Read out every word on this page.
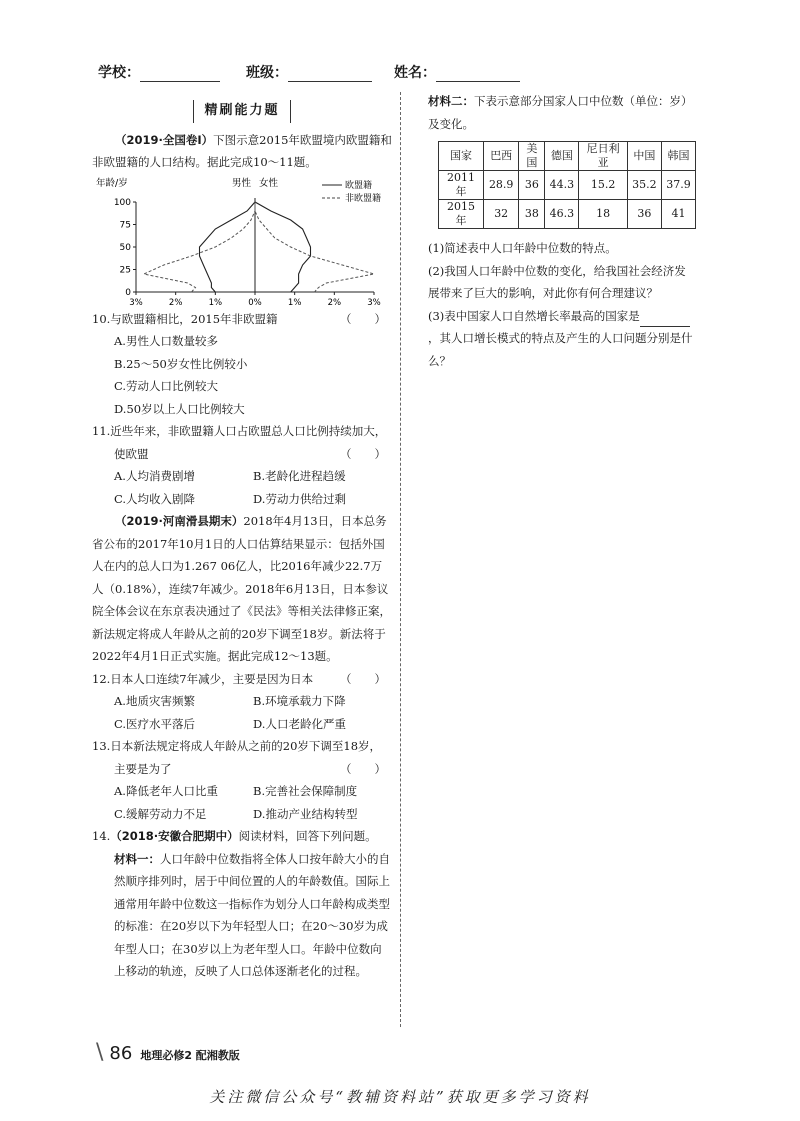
学校：	班级：	姓名：
精刷能力题

（2019·全国卷Ⅰ）下图示意2015年欧盟境内欧盟籍和非欧盟籍的人口结构。据此完成10～11题。

100
75
50
25
0
3%	2%	1%	0%	1%	2%	3%
年龄/岁	男性 女性	欧盟籍
非欧盟籍

10.与欧盟籍相比，2015年非欧盟籍	（　　）

A.男性人口数量较多

B.25～50岁女性比例较小

C.劳动人口比例较大

D.50岁以上人口比例较大

11.近些年来，非欧盟籍人口占欧盟总人口比例持续加大，使欧盟	（　　）
A.人均消费剧增	B.老龄化进程趋缓
C.人均收入剧降	D.劳动力供给过剩

（2019·河南滑县期末）2018年4月13日，日本总务省公布的2017年10月1日的人口估算结果显示：包括外国人在内的总人口为1.267 06亿人，比2016年减少22.7万人（0.18%），连续7年减少。2018年6月13日，日本参议院全体会议在东京表决通过了《民法》等相关法律修正案，新法规定将成人年龄从之前的20岁下调至18岁。新法将于2022年4月1日正式实施。据此完成12～13题。

12.日本人口连续7年减少，主要是因为日本	（　　）
A.地质灾害频繁	B.环境承载力下降
C.医疗水平落后	D.人口老龄化严重

13.日本新法规定将成人年龄从之前的20岁下调至18岁，主要是为了	（　　）
A.降低老年人口比重	B.完善社会保障制度
C.缓解劳动力不足	D.推动产业结构转型

14.（2018·安徽合肥期中）阅读材料，回答下列问题。

材料一：人口年龄中位数指将全体人口按年龄大小的自然顺序排列时，居于中间位置的人的年龄数值。国际上通常用年龄中位数这一指标作为划分人口年龄构成类型的标准：在20岁以下为年轻型人口；在20～30岁为成年型人口；在30岁以上为老年型人口。年龄中位数向上移动的轨迹，反映了人口总体逐渐老化的过程。

材料二：下表示意部分国家人口中位数（单位：岁）及变化。

国家	巴西	美国	德国	尼日利亚	中国	韩国
2011年	28.9	36	44.3	15.2	35.2	37.9
2015年	32	38	46.3	18	36	41

(1)简述表中人口年龄中位数的特点。

(2)我国人口年龄中位数的变化，给我国社会经济发展带来了巨大的影响，对此你有何合理建议？

(3)表中国家人口自然增长率最高的国家是，其人口增长模式的特点及产生的人口问题分别是什么？

\ 86 地理必修2 配湘教版
关注微信公众号“教辅资料站”获取更多学习资料
